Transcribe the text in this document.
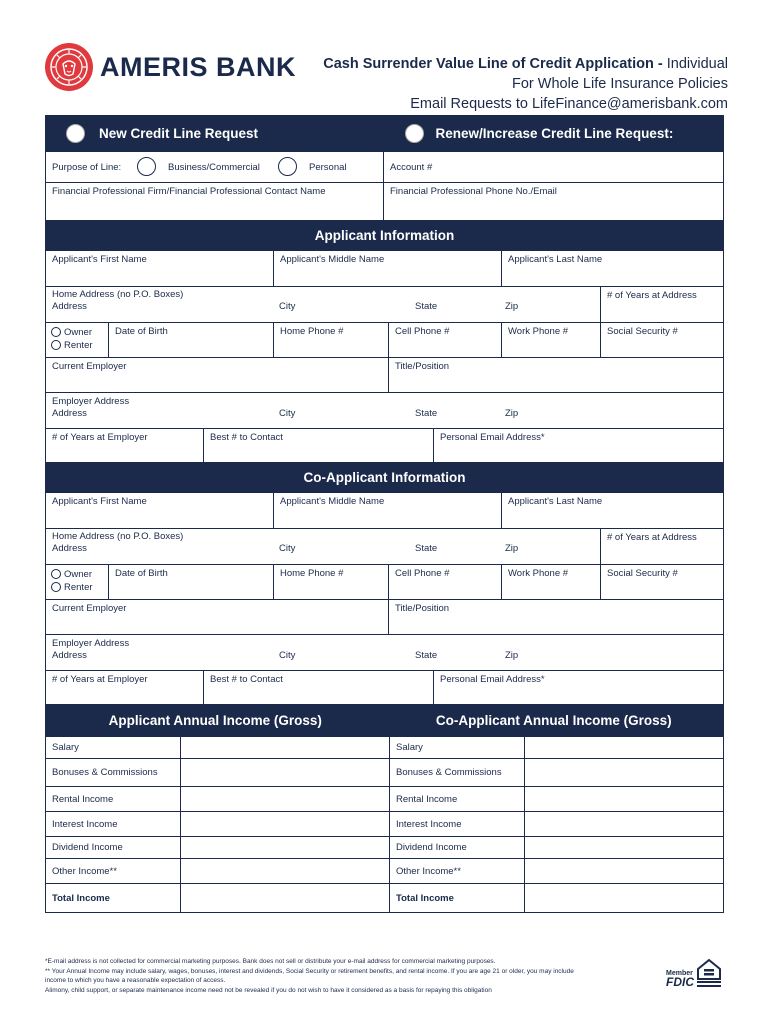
AMERIS BANK Cash Surrender Value Line of Credit Application - Individual
For Whole Life Insurance Policies
Email Requests to LifeFinance@amerisbank.com
New Credit Line Request	Renew/Increase Credit Line Request:
Purpose of Line:	Business/Commercial	Personal	Account #
Financial Professional Firm/Financial Professional Contact Name	Financial Professional Phone No./Email
Applicant Information
Applicant's First Name	Applicant's Middle Name	Applicant's Last Name
Home Address (no P.O. Boxes)
Address	City	State	Zip
# of Years at Address
Owner
Renter
Date of Birth	Home Phone #	Cell Phone #	Work Phone #	Social Security #
Current Employer	Title/Position
Employer Address
Address	City	State	Zip
# of Years at Employer	Best # to Contact	Personal Email Address*
Co-Applicant Information
Applicant's First Name	Applicant's Middle Name	Applicant's Last Name
Home Address (no P.O. Boxes)
Address	City	State	Zip
# of Years at Address
Owner
Renter
Date of Birth	Home Phone #	Cell Phone #	Work Phone #	Social Security #
Current Employer	Title/Position
Employer Address
Address	City	State	Zip
# of Years at Employer	Best # to Contact	Personal Email Address*
Applicant Annual Income (Gross)	Co-Applicant Annual Income (Gross)
Salary	Salary
Bonuses & Commissions	Bonuses & Commissions
Rental Income	Rental Income
Interest Income	Interest Income
Dividend Income	Dividend Income
Other Income**	Other Income**
Total Income	Total Income
*E-mail address is not collected for commercial marketing purposes. Bank does not sell or distribute your e-mail address for commercial marketing purposes.
** Your Annual Income may include salary, wages, bonuses, interest and dividends, Social Security or retirement benefits, and rental income. If you are age 21 or older, you may include
income to which you have a reasonable expectation of access.
Alimony, child support, or separate maintenance income need not be revealed if you do not wish to have it considered as a basis for repaying this obligation
Member
FDIC
